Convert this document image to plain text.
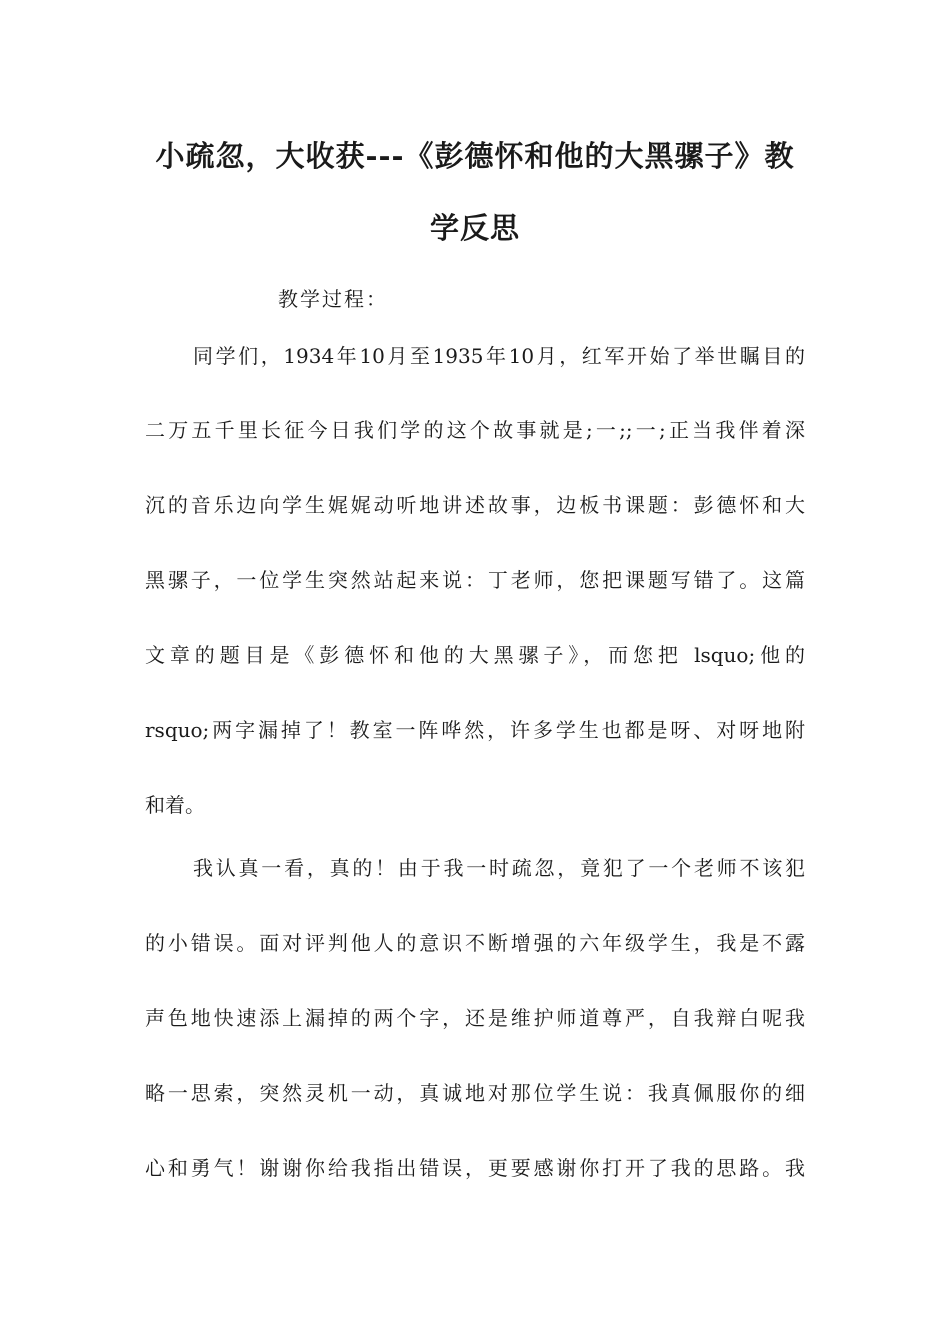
小疏忽，大收获---《彭德怀和他的大黑骡子》教
学反思
教学过程：
同学们，1934年10月至1935年10月，红军开始了举世瞩目的
二万五千里长征今日我们学的这个故事就是;一;;一;正当我伴着深
沉的音乐边向学生娓娓动听地讲述故事，边板书课题：彭德怀和大
黑骡子，一位学生突然站起来说：丁老师，您把课题写错了。这篇
文章的题目是《彭德怀和他的大黑骡子》，而您把 lsquo;他的
rsquo;两字漏掉了！教室一阵哗然，许多学生也都是呀、对呀地附
和着。
我认真一看，真的！由于我一时疏忽，竟犯了一个老师不该犯
的小错误。面对评判他人的意识不断增强的六年级学生，我是不露
声色地快速添上漏掉的两个字，还是维护师道尊严，自我辩白呢我
略一思索，突然灵机一动，真诚地对那位学生说：我真佩服你的细
心和勇气！谢谢你给我指出错误，更要感谢你打开了我的思路。我
